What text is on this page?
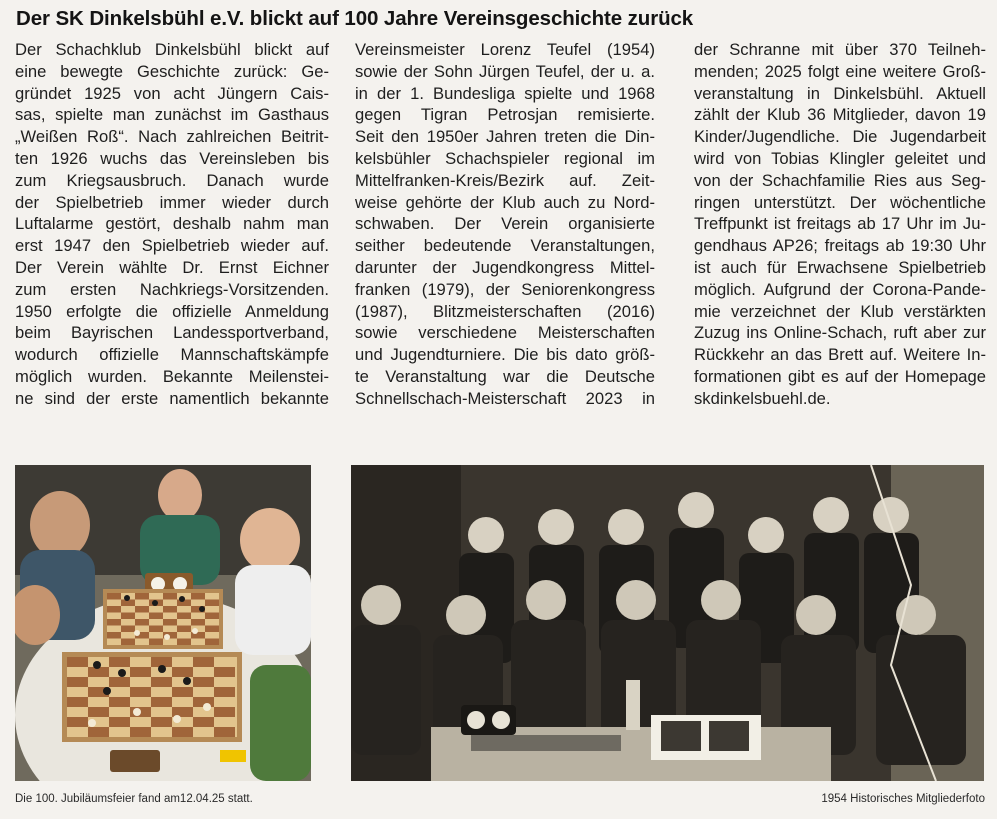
Der SK Dinkelsbühl e.V. blickt auf 100 Jahre Vereinsgeschichte zurück
Der Schachklub Dinkelsbühl blickt auf
eine bewegte Geschichte zurück: Ge-
gründet 1925 von acht Jüngern Cais-
sas, spielte man zunächst im Gasthaus
„Weißen Roß“. Nach zahlreichen Beitrit-
ten 1926 wuchs das Vereinsleben bis
zum Kriegsausbruch. Danach wurde
der Spielbetrieb immer wieder durch
Luftalarme gestört, deshalb nahm man
erst 1947 den Spielbetrieb wieder auf.
Der Verein wählte Dr. Ernst Eichner
zum ersten Nachkriegs-Vorsitzenden.
1950 erfolgte die offizielle Anmeldung
beim Bayrischen Landessportverband,
wodurch offizielle Mannschaftskämpfe
möglich wurden. Bekannte Meilenstei-
ne sind der erste namentlich bekannte
Vereinsmeister Lorenz Teufel (1954)
sowie der Sohn Jürgen Teufel, der u. a.
in der 1. Bundesliga spielte und 1968
gegen Tigran Petrosjan remisierte.
Seit den 1950er Jahren treten die Din-
kelsbühler Schachspieler regional im
Mittelfranken-Kreis/Bezirk auf. Zeit-
weise gehörte der Klub auch zu Nord-
schwaben. Der Verein organisierte
seither bedeutende Veranstaltungen,
darunter der Jugendkongress Mittel-
franken (1979), der Seniorenkongress
(1987), Blitzmeisterschaften (2016)
sowie verschiedene Meisterschaften
und Jugendturniere. Die bis dato größ-
te Veranstaltung war die Deutsche
Schnellschach-Meisterschaft 2023 in
der Schranne mit über 370 Teilneh-
menden; 2025 folgt eine weitere Groß-
veranstaltung in Dinkelsbühl. Aktuell
zählt der Klub 36 Mitglieder, davon 19
Kinder/Jugendliche. Die Jugendarbeit
wird von Tobias Klingler geleitet und
von der Schachfamilie Ries aus Seg-
ringen unterstützt. Der wöchentliche
Treffpunkt ist freitags ab 17 Uhr im Ju-
gendhaus AP26; freitags ab 19:30 Uhr
ist auch für Erwachsene Spielbetrieb
möglich. Aufgrund der Corona-Pande-
mie verzeichnet der Klub verstärkten
Zuzug ins Online-Schach, ruft aber zur
Rückkehr an das Brett auf. Weitere In-
formationen gibt es auf der Homepage
skdinkelsbuehl.de.

Die 100. Jubiläumsfeier fand am12.04.25 statt.	1954 Historisches Mitgliederfoto
